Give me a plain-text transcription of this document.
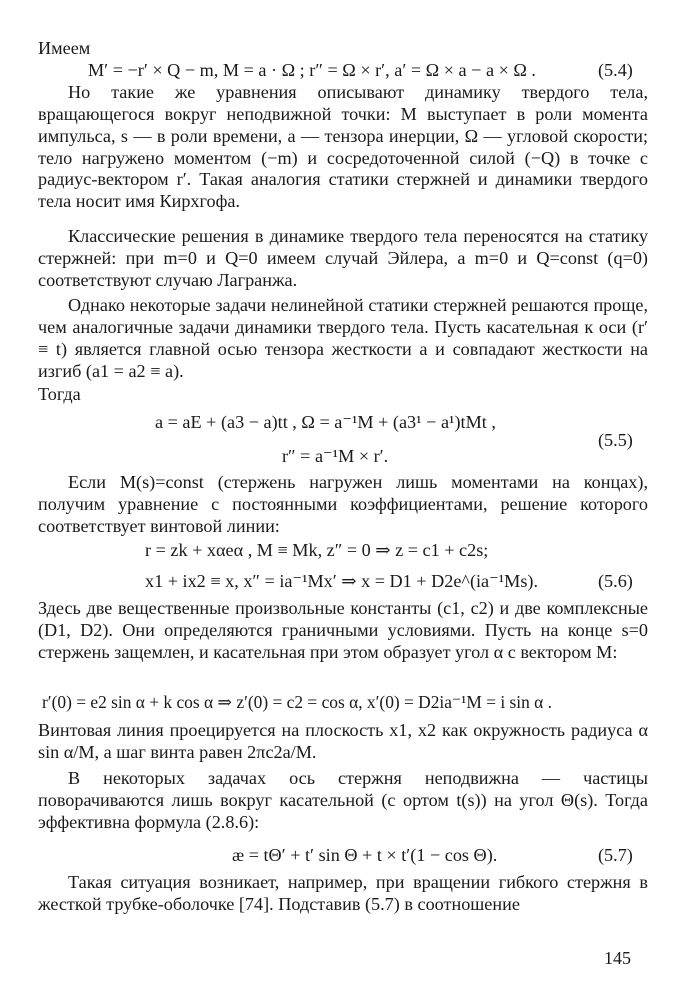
Имеем
M′ = −r′ × Q − m, M = a · Ω ; r″ = Ω × r′, a′ = Ω × a − a × Ω .	(5.4)
Но такие же уравнения описывают динамику твердого тела, вращающегося вокруг неподвижной точки: M выступает в роли момента импульса, s — в роли времени, a — тензора инерции, Ω — угловой скорости; тело нагружено моментом (−m) и сосредоточенной силой (−Q) в точке с радиус-вектором r′. Такая аналогия статики стержней и динамики твердого тела носит имя Кирхгофа.
Классические решения в динамике твердого тела переносятся на статику стержней: при m=0 и Q=0 имеем случай Эйлера, а m=0 и Q=const (q=0) соответствуют случаю Лагранжа.
Однако некоторые задачи нелинейной статики стержней решаются проще, чем аналогичные задачи динамики твердого тела. Пусть касательная к оси (r′ ≡ t) является главной осью тензора жесткости a и совпадают жесткости на изгиб (a1 = a2 ≡ a).
Тогда
a = aE + (a3 − a)tt , Ω = a⁻¹M + (a3¹ − a¹)tMt ,
r″ = a⁻¹M × r′.
(5.5)
Если M(s)=const (стержень нагружен лишь моментами на концах), получим уравнение с постоянными коэффициентами, решение которого соответствует винтовой линии:
r = zk + xαeα , M ≡ Mk, z″ = 0 ⇒ z = c1 + c2s;
x1 + ix2 ≡ x, x″ = ia⁻¹Mx′ ⇒ x = D1 + D2e^(ia⁻¹Ms).	(5.6)
Здесь две вещественные произвольные константы (c1, c2) и две комплексные (D1, D2). Они определяются граничными условиями. Пусть на конце s=0 стержень защемлен, и касательная при этом образует угол α с вектором M:
r′(0) = e2 sin α + k cos α ⇒ z′(0) = c2 = cos α, x′(0) = D2ia⁻¹M = i sin α .
Винтовая линия проецируется на плоскость x1, x2 как окружность радиуса α sin α/M, а шаг винта равен 2πc2a/M.
В некоторых задачах ось стержня неподвижна — частицы поворачиваются лишь вокруг касательной (с ортом t(s)) на угол Θ(s). Тогда эффективна формула (2.8.6):
æ = tΘ′ + t′ sin Θ + t × t′(1 − cos Θ).	(5.7)
Такая ситуация возникает, например, при вращении гибкого стержня в жесткой трубке-оболочке [74]. Подставив (5.7) в соотношение
145
